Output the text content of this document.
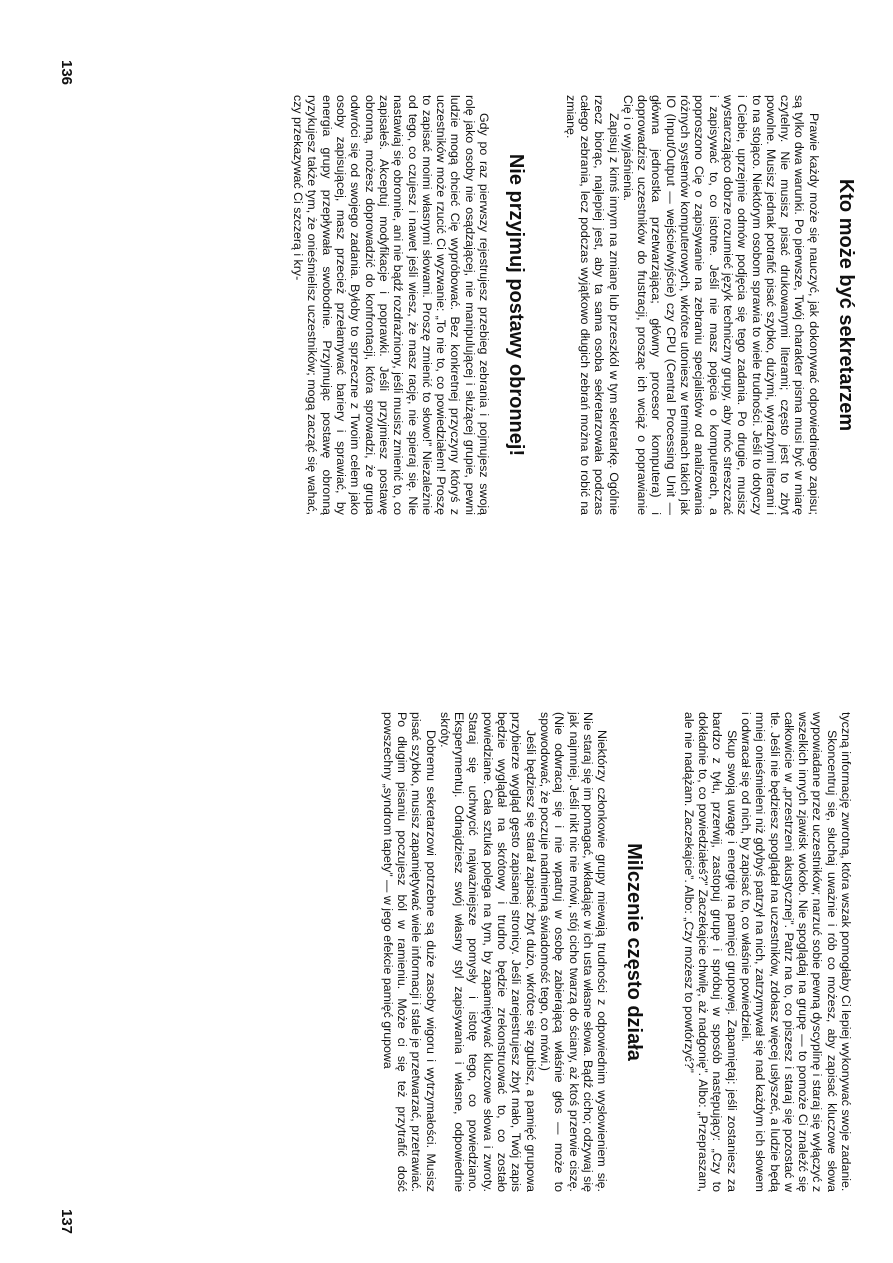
Kto może być sekretarzem

Prawie każdy może się nauczyć, jak dokonywać odpowiedniego zapisu; są tylko dwa warunki. Po pierwsze, Twój charakter pisma musi być w miarę czytelny. Nie musisz pisać drukowanymi literami; często jest to zbyt powolne. Musisz jednak potrafić pisać szybko, dużymi, wyraźnymi literami i to na stojąco. Niektórym osobom sprawia to wiele trudności. Jeśli to dotyczy i Ciebie, uprzejmie odmów podjęcia się tego zadania. Po drugie, musisz wystarczająco dobrze rozumieć język techniczny grupy, aby móc streszczać i zapisywać to, co istotne. Jeśli nie masz pojęcia o komputerach, a poproszono Cię o zapisywanie na zebraniu specjalistów od analizowania różnych systemów komputerowych, wkrótce utoniesz w terminach takich jak IO (Input/Output — wejście/wyjście) czy CPU (Central Processing Unit — główna jednostka przetwarzająca; główny procesor komputera) i doprowadzisz uczestników do frustracji, prosząc ich wciąż o poprawianie Cię i o wyjaśnienia.

Zapisuj z kimś innym na zmianę lub przeszkól w tym sekretarkę. Ogólnie rzecz biorąc, najlepiej jest, aby ta sama osoba sekretarzowała podczas całego zebrania, lecz podczas wyjątkowo długich zebrań można to robić na zmianę.

Nie przyjmuj postawy obronnej!

Gdy po raz pierwszy rejestrujesz przebieg zebrania i pojmujesz swoją rolę jako osoby nie osądzającej, nie manipulującej i służącej grupie, pewni ludzie mogą chcieć Cię wypróbować. Bez konkretnej przyczyny któryś z uczestników może rzucić Ci wyzwanie: „To nie to, co powiedziałem! Proszę to zapisać moimi własnymi słowami. Proszę zmienić to słowo!” Niezależnie od tego, co czujesz i nawet jeśli wiesz, że masz rację, nie spieraj się. Nie nastawiaj się obronnie, ani nie bądź rozdrażniony, jeśli musisz zmienić to, co zapisałeś. Akceptuj modyfikacje i poprawki. Jeśli przyjmiesz postawę obronną, możesz doprowadzić do konfrontacji, która sprowadzi, że grupa odwróci się od swojego zadania. Byłoby to sprzeczne z Twoim celem jako osoby zapisującej, masz przecież przełamywać bariery i sprawiać, by energia grupy przepływała swobodnie. Przyjmując postawę obronną ryzykujesz także tym, że onieśmielisz uczestników; mogą zacząć się wahać, czy przekazywać Ci szczerą i kry-

136

tyczną informację zwrotną, która wszak pomogłaby Ci lepiej wykonywać swoje zadanie.

Skoncentruj się, słuchaj uważnie i rób co możesz, aby zapisać kluczowe słowa wypowiadane przez uczestników; narzuć sobie pewną dyscyplinę i staraj się wyłączyć z wszelkich innych zjawisk wokoło. Nie spoglądaj na grupę — to pomoże Ci znaleźć się całkowicie w „przestrzeni akustycznej”. Patrz na to, co piszesz i staraj się pozostać w tle. Jeśli nie będziesz spoglądał na uczestników, zdołasz więcej usłyszeć, a ludzie będą mniej onieśmieleni niż gdybyś patrzył na nich, zatrzymywał się nad każdym ich słowem i odwracał się od nich, by zapisać to, co właśnie powiedzieli.

Skup swoją uwagę i energię na pamięci grupowej. Zapamiętaj: jeśli zostaniesz za bardzo z tyłu, przerwij, zastopuj grupę i spróbuj w sposób następujący: „Czy to dokładnie to, co powiedziałeś?” Zaczekajcie chwilę, aż nadgonię”. Albo: „Przepraszam, ale nie nadążam. Zaczekajcie”. Albo: „Czy możesz to powtórzyć?”

Milczenie często działa

Niektórzy członkowie grupy miewają trudności z odpowiednim wysłowieniem się. Nie staraj się im pomagać, wkładając w ich usta własne słowa. Bądź cicho; odzywaj się jak najmniej. Jeśli nikt nic nie mówi, stój cicho twarzą do ściany, aż ktoś przerwie ciszę. (Nie odwracaj się i nie wpatruj w osobę zabierającą właśnie głos — może to spowodować, że poczuje nadmierną świadomość tego, co mówi.)

Jeśli będziesz się starał zapisać zbyt dużo, wkrótce się zgubisz, a pamięć grupowa przybierze wygląd gęsto zapisanej stronicy. Jeśli zarejestrujesz zbyt mało, Twój zapis będzie wyglądał na skrótowy i trudno będzie zrekonstruować to, co zostało powiedziane. Cała sztuka polega na tym, by zapamiętywać kluczowe słowa i zwroty. Staraj się uchwycić najważniejsze pomysły i istotę tego, co powiedziano. Eksperymentuj. Odnajdziesz swój własny styl zapisywania i własne, odpowiednie skróty.

Dobremu sekretarzowi potrzebne są duże zasoby wigoru i wytrzymałości. Musisz pisać szybko, musisz zapamiętywać wiele informacji i stale je przetwarzać, przetrawiać. Po długim pisaniu poczujesz ból w ramieniu. Może ci się też przytrafić dość powszechny „syndrom tapety” — w jego efekcie pamięć grupowa

137
